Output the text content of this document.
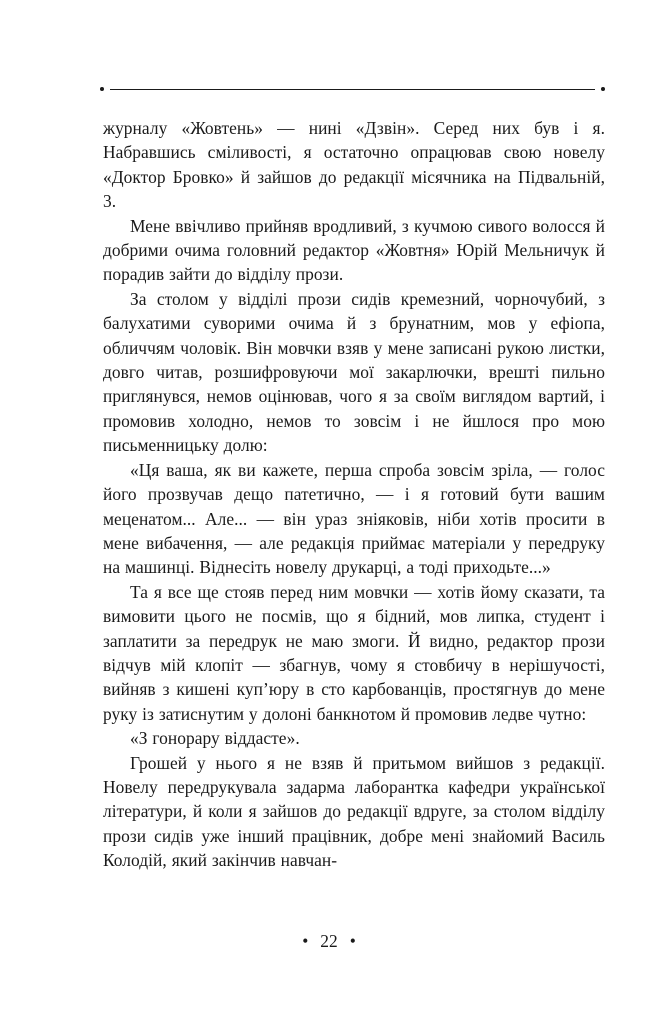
журналу «Жовтень» — нині «Дзвін». Серед них був і я. Набравшись сміливості, я остаточно опрацював свою новелу «Доктор Бровко» й зайшов до редакції місячника на Підвальній, 3.

Мене ввічливо прийняв вродливий, з кучмою сивого волосся й добрими очима головний редактор «Жовтня» Юрій Мельничук й порадив зайти до відділу прози.

За столом у відділі прози сидів кремезний, чорночубий, з балухатими суворими очима й з брунатним, мов у ефіопа, обличчям чоловік. Він мовчки взяв у мене записані рукою листки, довго читав, розшифровуючи мої закарлючки, врешті пильно приглянувся, немов оцінював, чого я за своїм виглядом вартий, і промовив холодно, немов то зовсім і не йшлося про мою письменницьку долю:

«Ця ваша, як ви кажете, перша спроба зовсім зріла, — голос його прозвучав дещо патетично, — і я готовий бути вашим меценатом... Але... — він ураз зніяковів, ніби хотів просити в мене вибачення, — але редакція приймає матеріали у передруку на машинці. Віднесіть новелу друкарці, а тоді приходьте...»

Та я все ще стояв перед ним мовчки — хотів йому сказати, та вимовити цього не посмів, що я бідний, мов липка, студент і заплатити за передрук не маю змоги. Й видно, редактор прози відчув мій клопіт — збагнув, чому я стовбичу в нерішучості, вийняв з кишені куп’юру в сто карбованців, простягнув до мене руку із затиснутим у долоні банкнотом й промовив ледве чутно:

«З гонорару віддасте».

Грошей у нього я не взяв й притьмом вийшов з редакції. Новелу передрукувала задарма лаборантка кафедри української літератури, й коли я зайшов до редакції вдруге, за столом відділу прози сидів уже інший працівник, добре мені знайомий Василь Колодій, який закінчив навчан-

• 22 •
